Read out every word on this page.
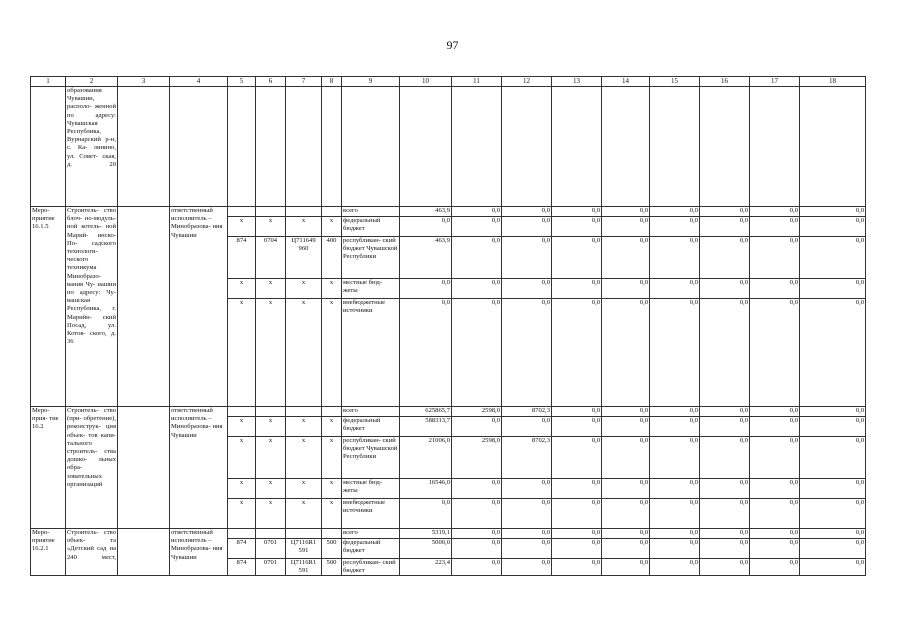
97
1	2	3	4	5	6	7	8	9	10	11	12	13	14	15	16	17	18
	образования Чувашии, располо- женной по адресу: Чувашская Республика, Вурнарский р-н, с. Ка- линино, ул. Совет- ская, д. 20																
Меро- приятие 16.1.5	Строитель- ство блоч- но-модуль- ной котель- ной Марий- инско-По- садского технологи- ческого техникума Минобразо- вания Чу- вашии по адресу: Чу- вашская Республика, г. Марийн- ский Посад, ул. Котов- ского, д. 36		ответственный исполнитель – Минобразова- ния Чувашии					всего	463,9	0,0	0,0	0,0	0,0	0,0	0,0	0,0	0,0
				x	x	x	x	федеральный бюджет	0,0	0,0	0,0	0,0	0,0	0,0	0,0	0,0	0,0
				874	0704	Ц711649 960	400	республикан- ский бюджет Чувашской Республики	463,9	0,0	0,0	0,0	0,0	0,0	0,0	0,0	0,0
				x	x	x	x	местные бюд- жеты	0,0	0,0	0,0	0,0	0,0	0,0	0,0	0,0	0,0
				x	x	x	x	внебюджетные источники	0,0	0,0	0,0	0,0	0,0	0,0	0,0	0,0	0,0
Меро- прия- тие 16.2	Строитель- ство (при- обретение), реконструк- ция объек- тов капи- тального строитель- ства дошко- льных обра- зовательных организаций		ответственный исполнитель – Минобразова- ния Чувашии					всего	625865,7	2598,0	8702,3	0,0	0,0	0,0	0,0	0,0	0,0
				x	x	x	x	федеральный бюджет	588313,7	0,0	0,0	0,0	0,0	0,0	0,0	0,0	0,0
				x	x	x	x	республикан- ский бюджет Чувашской Республики	21006,0	2598,0	8702,3	0,0	0,0	0,0	0,0	0,0	0,0
				x	x	x	x	местные бюд- жеты	16546,0	0,0	0,0	0,0	0,0	0,0	0,0	0,0	0,0
				x	x	x	x	внебюджетные источники	0,0	0,0	0,0	0,0	0,0	0,0	0,0	0,0	0,0
Меро- приятие 16.2.1	Строитель- ство объек- та «Детский сад на 240 мест,		ответственный исполнитель – Минобразова- ния Чувашии					всего	5319,1	0,0	0,0	0,0	0,0	0,0	0,0	0,0	0,0
				874	0701	Ц7116R1 591	500	федеральный бюджет	5000,0	0,0	0,0	0,0	0,0	0,0	0,0	0,0	0,0
				874	0701	Ц7116R1 591	500	республикан- ский бюджет	223,4	0,0	0,0	0,0	0,0	0,0	0,0	0,0	0,0
